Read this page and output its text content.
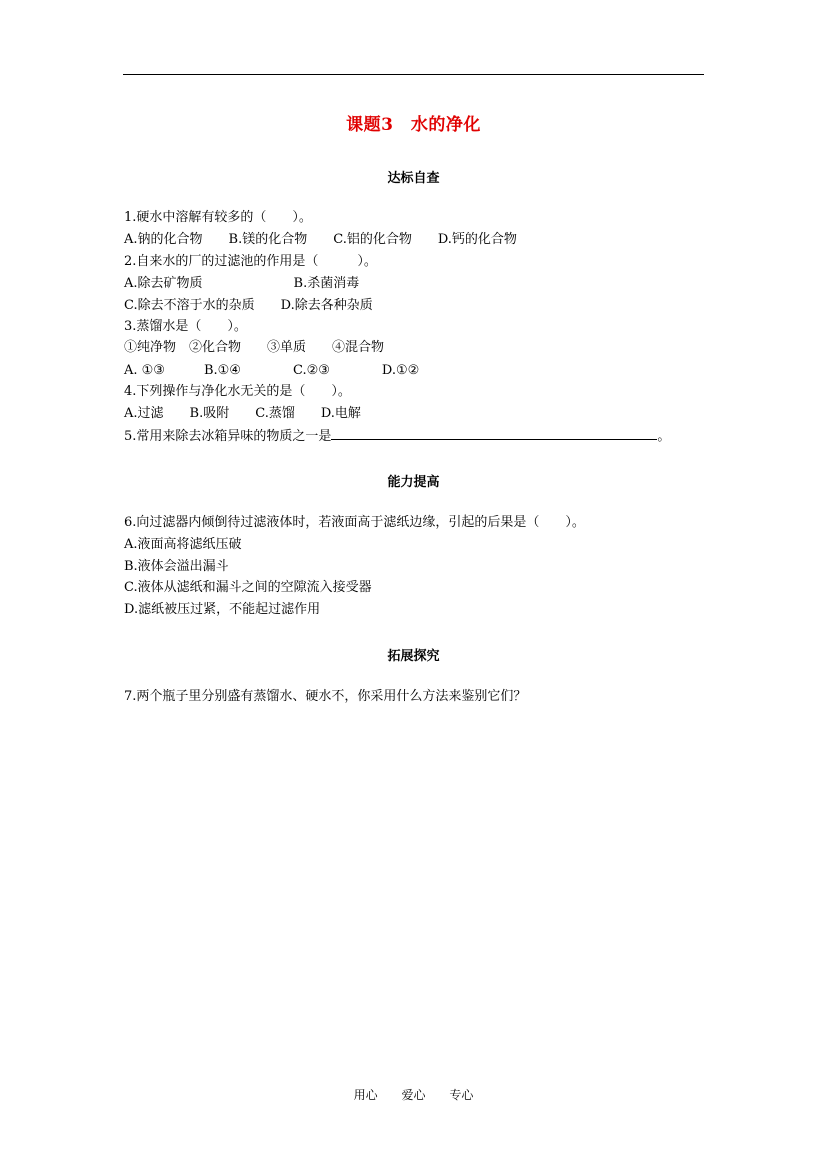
课题3　水的净化
达标自查
1.硬水中溶解有较多的（　　）。
A.钠的化合物　　B.镁的化合物　　C.铝的化合物　　D.钙的化合物
2.自来水的厂的过滤池的作用是（　　　）。
A.除去矿物质　　　　　　　B.杀菌消毒
C.除去不溶于水的杂质　　D.除去各种杂质
3.蒸馏水是（　　）。
①纯净物　②化合物　　③单质　　④混合物
A. ①③　　　B.①④　　　　C.②③　　　　D.①②
4.下列操作与净化水无关的是（　　）。
A.过滤　　B.吸附　　C.蒸馏　　D.电解
5.常用来除去冰箱异味的物质之一是	。
能力提高
6.向过滤器内倾倒待过滤液体时，若液面高于滤纸边缘，引起的后果是（　　）。
A.液面高将滤纸压破
B.液体会溢出漏斗
C.液体从滤纸和漏斗之间的空隙流入接受器
D.滤纸被压过紧，不能起过滤作用
拓展探究
7.两个瓶子里分别盛有蒸馏水、硬水不，你采用什么方法来鉴别它们？
用心 爱心 专心
